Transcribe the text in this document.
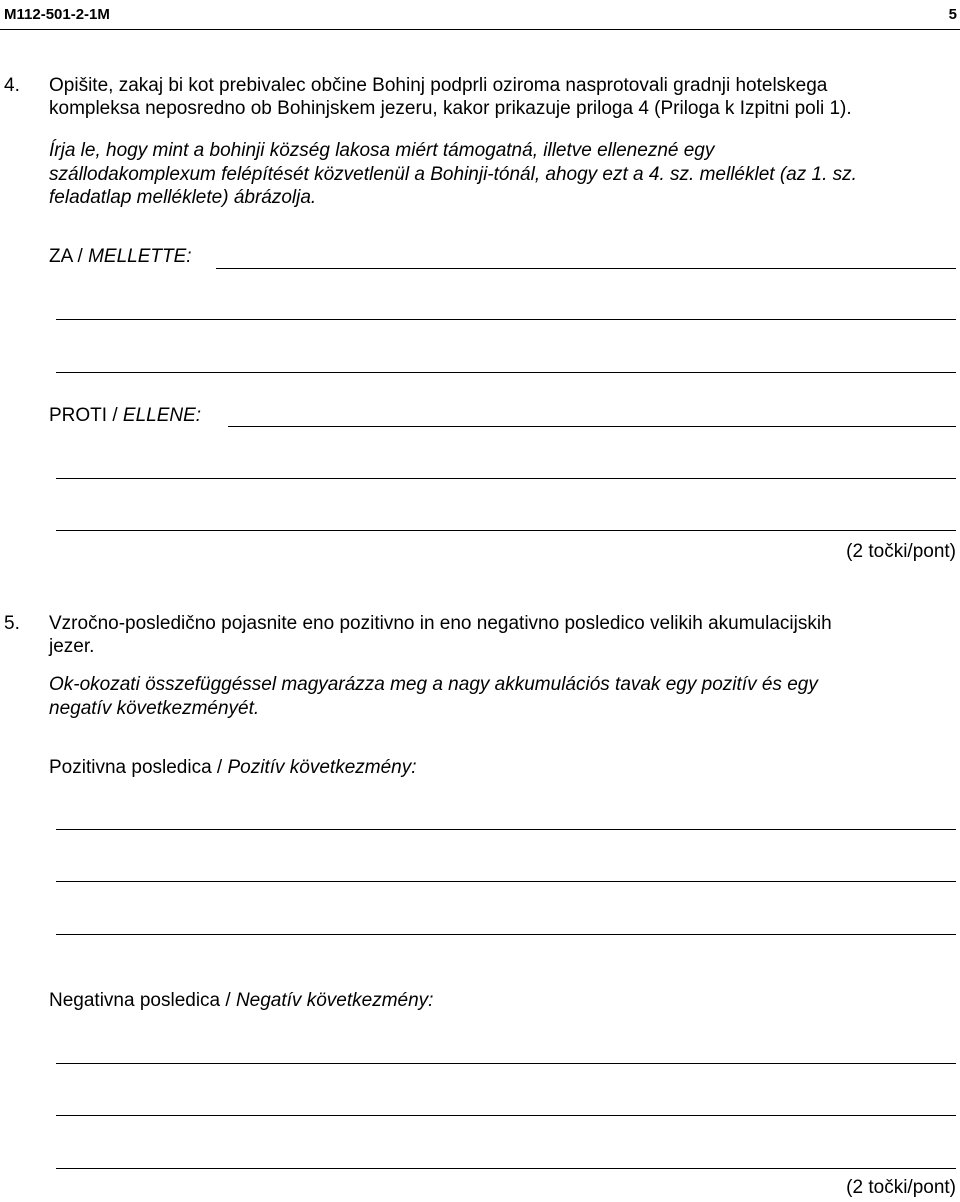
M112-501-2-1M	5
4. Opišite, zakaj bi kot prebivalec občine Bohinj podprli oziroma nasprotovali gradnji hotelskega
kompleksa neposredno ob Bohinjskem jezeru, kakor prikazuje priloga 4 (Priloga k Izpitni poli 1).
Írja le, hogy mint a bohinji község lakosa miért támogatná, illetve ellenezné egy
szállodakomplexum felépítését közvetlenül a Bohinji-tónál, ahogy ezt a 4. sz. melléklet (az 1. sz.
feladatlap melléklete) ábrázolja.
ZA / MELLETTE:
PROTI / ELLENE:
(2 točki/pont)
5. Vzročno-posledično pojasnite eno pozitivno in eno negativno posledico velikih akumulacijskih
jezer.
Ok-okozati összefüggéssel magyarázza meg a nagy akkumulációs tavak egy pozitív és egy
negatív következményét.
Pozitivna posledica / Pozitív következmény:
Negativna posledica / Negatív következmény:
(2 točki/pont)
